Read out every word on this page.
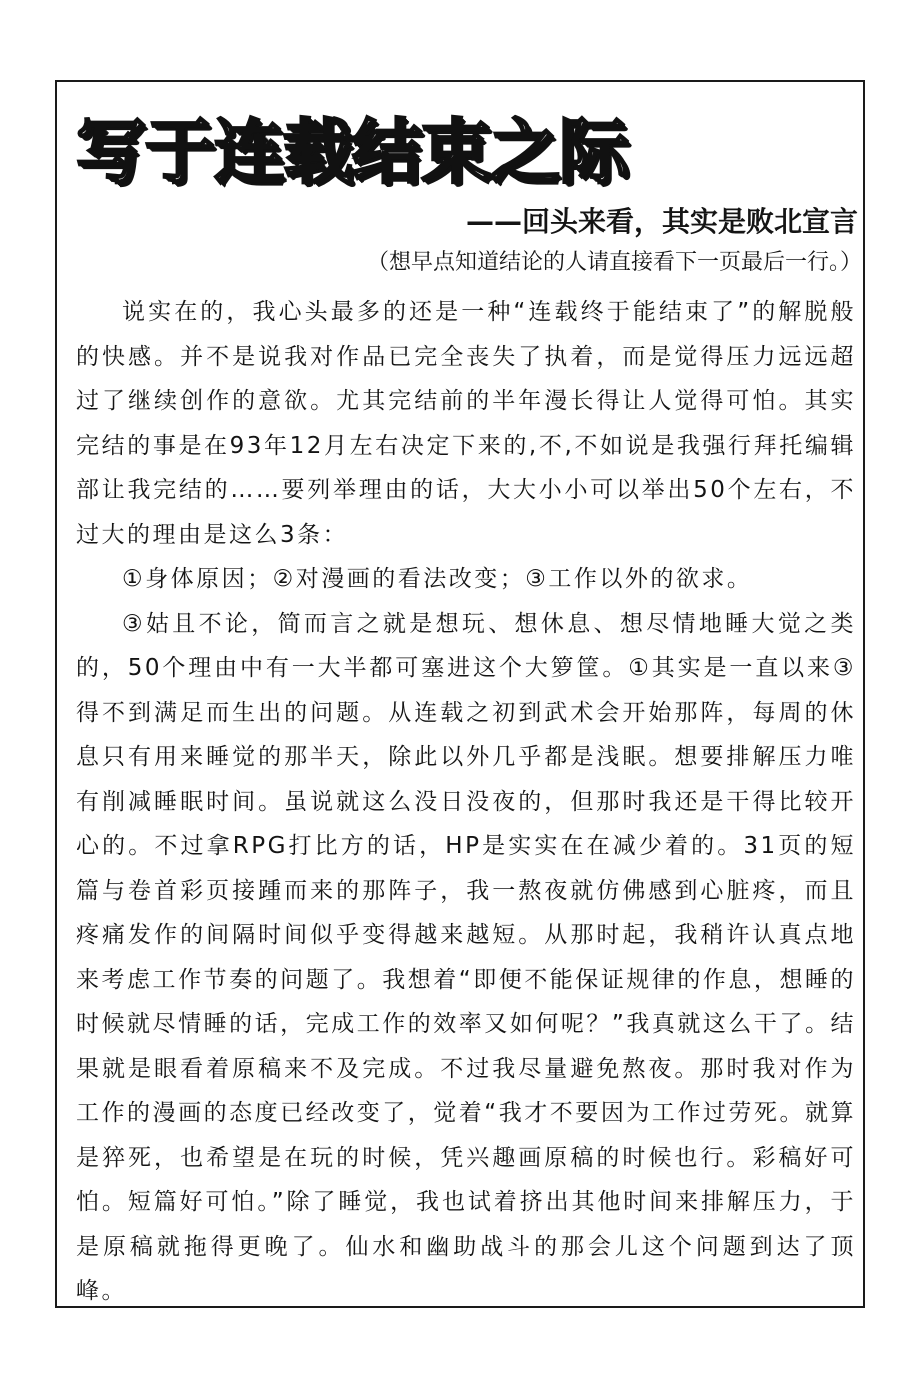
写于连载结束之际
——回头来看，其实是败北宣言

（想早点知道结论的人请直接看下一页最后一行。）

说实在的，我心头最多的还是一种“连载终于能结束了”的解脱般的快感。并不是说我对作品已完全丧失了执着，而是觉得压力远远超过了继续创作的意欲。尤其完结前的半年漫长得让人觉得可怕。其实完结的事是在93年12月左右决定下来的,不,不如说是我强行拜托编辑部让我完结的……要列举理由的话，大大小小可以举出50个左右，不过大的理由是这么3条：

①身体原因；②对漫画的看法改变；③工作以外的欲求。

③姑且不论，简而言之就是想玩、想休息、想尽情地睡大觉之类的，50个理由中有一大半都可塞进这个大箩筐。①其实是一直以来③得不到满足而生出的问题。从连载之初到武术会开始那阵，每周的休息只有用来睡觉的那半天，除此以外几乎都是浅眠。想要排解压力唯有削减睡眠时间。虽说就这么没日没夜的，但那时我还是干得比较开心的。不过拿RPG打比方的话，HP是实实在在减少着的。31页的短篇与卷首彩页接踵而来的那阵子，我一熬夜就仿佛感到心脏疼，而且疼痛发作的间隔时间似乎变得越来越短。从那时起，我稍许认真点地来考虑工作节奏的问题了。我想着“即便不能保证规律的作息，想睡的时候就尽情睡的话，完成工作的效率又如何呢？”我真就这么干了。结果就是眼看着原稿来不及完成。不过我尽量避免熬夜。那时我对作为工作的漫画的态度已经改变了，觉着“我才不要因为工作过劳死。就算是猝死，也希望是在玩的时候，凭兴趣画原稿的时候也行。彩稿好可怕。短篇好可怕。”除了睡觉，我也试着挤出其他时间来排解压力，于是原稿就拖得更晚了。仙水和幽助战斗的那会儿这个问题到达了顶峰。
